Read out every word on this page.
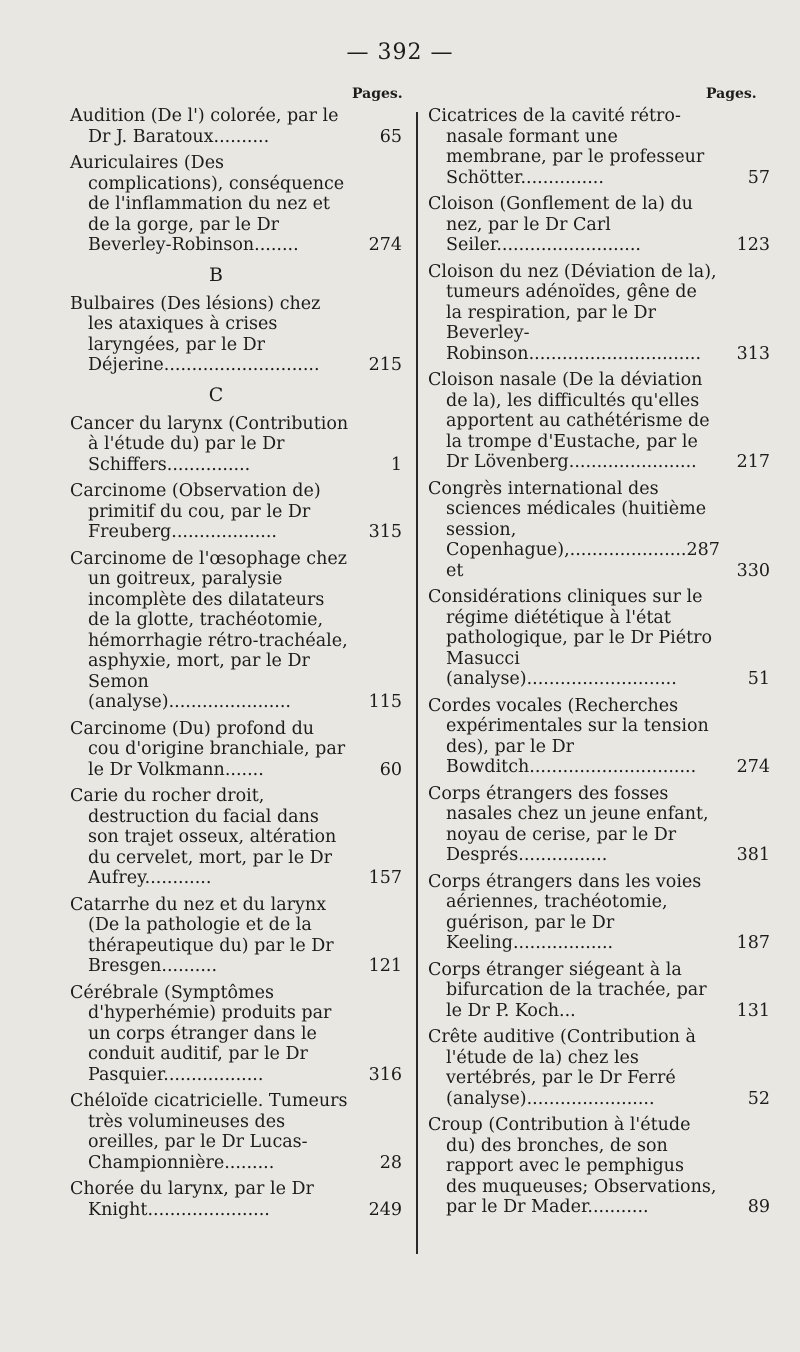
— 392 —
Pages.	Pages.
Audition (De l') colorée, par le Dr J. Baratoux..........	65
Auriculaires (Des complications), conséquence de l'inflammation du nez et de la gorge, par le Dr Beverley-Robinson........	274
B
Bulbaires (Des lésions) chez les ataxiques à crises laryngées, par le Dr Déjerine............................	215
C
Cancer du larynx (Contribution à l'étude du) par le Dr Schiffers...............	1
Carcinome (Observation de) primitif du cou, par le Dr Freuberg...................	315
Carcinome de l'œsophage chez un goitreux, paralysie incomplète des dilatateurs de la glotte, trachéotomie, hémorrhagie rétro-trachéale, asphyxie, mort, par le Dr Semon (analyse)......................	115
Carcinome (Du) profond du cou d'origine branchiale, par le Dr Volkmann.......	60
Carie du rocher droit, destruction du facial dans son trajet osseux, altération du cervelet, mort, par le Dr Aufrey............	157
Catarrhe du nez et du larynx (De la pathologie et de la thérapeutique du) par le Dr Bresgen..........	121
Cérébrale (Symptômes d'hyperhémie) produits par un corps étranger dans le conduit auditif, par le Dr Pasquier..................	316
Chéloïde cicatricielle. Tumeurs très volumineuses des oreilles, par le Dr Lucas-Championnière.........	28
Chorée du larynx, par le Dr Knight......................	249
Cicatrices de la cavité rétro-nasale formant une membrane, par le professeur Schötter...............	57
Cloison (Gonflement de la) du nez, par le Dr Carl Seiler..........................	123
Cloison du nez (Déviation de la), tumeurs adénoïdes, gêne de la respiration, par le Dr Beverley-Robinson............................... 313
Cloison nasale (De la déviation de la), les difficultés qu'elles apportent au cathétérisme de la trompe d'Eustache, par le Dr Lövenberg....................... 217
Congrès international des sciences médicales (huitième session, Copenhague),.....................287 et	330
Considérations cliniques sur le régime diététique à l'état pathologique, par le Dr Piétro Masucci (analyse)...........................	51
Cordes vocales (Recherches expérimentales sur la tension des), par le Dr Bowditch.............................. 274
Corps étrangers des fosses nasales chez un jeune enfant, noyau de cerise, par le Dr Després................	381
Corps étrangers dans les voies aériennes, trachéotomie, guérison, par le Dr Keeling..................	187
Corps étranger siégeant à la bifurcation de la trachée, par le Dr P. Koch...	131
Crête auditive (Contribution à l'étude de la) chez les vertébrés, par le Dr Ferré (analyse).......................	52
Croup (Contribution à l'étude du) des bronches, de son rapport avec le pemphigus des muqueuses; Observations, par le Dr Mader...........	89
